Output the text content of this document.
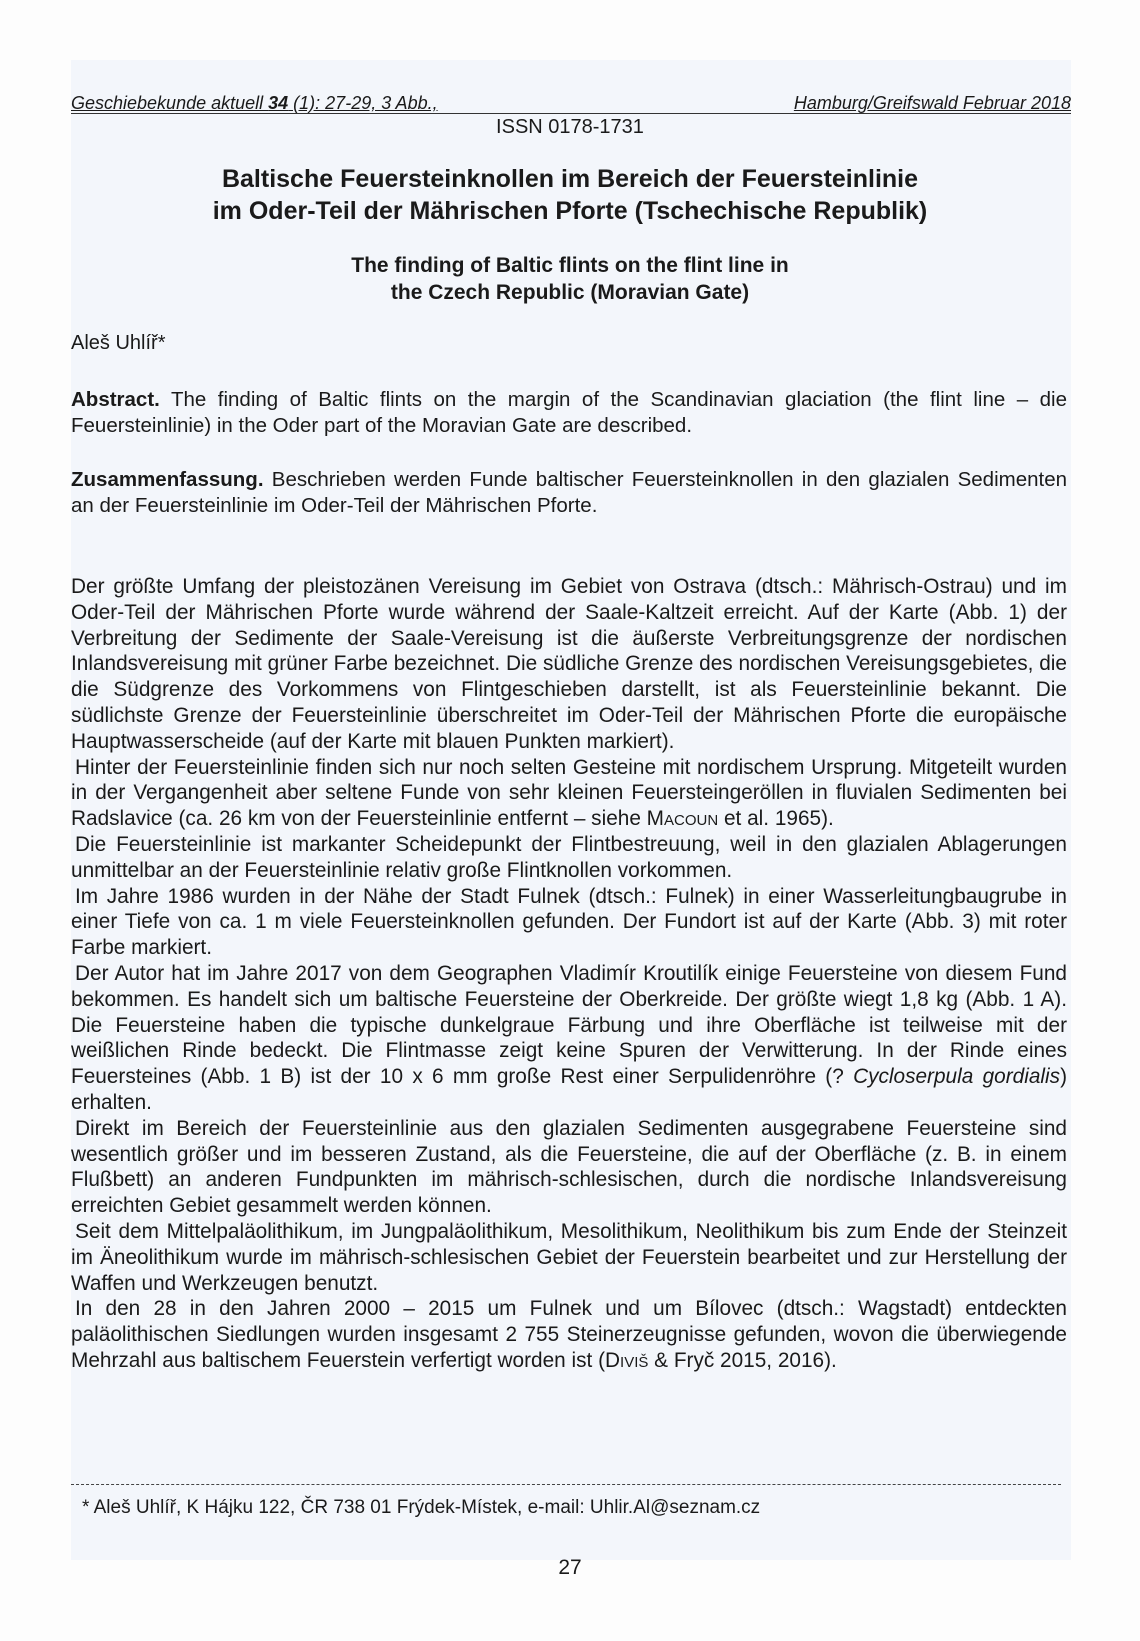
Geschiebekunde aktuell 34 (1): 27-29, 3 Abb.,	Hamburg/Greifswald Februar 2018
ISSN 0178-1731
Baltische Feuersteinknollen im Bereich der Feuersteinlinie
im Oder-Teil der Mährischen Pforte (Tschechische Republik)
The finding of Baltic flints on the flint line in
the Czech Republic (Moravian Gate)
Aleš Uhlíř*
Abstract. The finding of Baltic flints on the margin of the Scandinavian glaciation (the flint line – die Feuersteinlinie) in the Oder part of the Moravian Gate are described.
Zusammenfassung. Beschrieben werden Funde baltischer Feuersteinknollen in den glazialen Sedimenten an der Feuersteinlinie im Oder-Teil der Mährischen Pforte.

Der größte Umfang der pleistozänen Vereisung im Gebiet von Ostrava (dtsch.: Mährisch-Ostrau) und im Oder-Teil der Mährischen Pforte wurde während der Saale-Kaltzeit erreicht. Auf der Karte (Abb. 1) der Verbreitung der Sedimente der Saale-Vereisung ist die äußerste Verbreitungsgrenze der nordischen Inlandsvereisung mit grüner Farbe bezeichnet. Die südliche Grenze des nordischen Vereisungsgebietes, die die Südgrenze des Vorkommens von Flintgeschieben darstellt, ist als Feuersteinlinie bekannt. Die südlichste Grenze der Feuersteinlinie überschreitet im Oder-Teil der Mährischen Pforte die europäische Hauptwasserscheide (auf der Karte mit blauen Punkten markiert).

Hinter der Feuersteinlinie finden sich nur noch selten Gesteine mit nordischem Ursprung. Mitgeteilt wurden in der Vergangenheit aber seltene Funde von sehr kleinen Feuersteingeröllen in fluvialen Sedimenten bei Radslavice (ca. 26 km von der Feuersteinlinie entfernt – siehe Macoun et al. 1965).

Die Feuersteinlinie ist markanter Scheidepunkt der Flintbestreuung, weil in den glazialen Ablagerungen unmittelbar an der Feuersteinlinie relativ große Flintknollen vorkommen.

Im Jahre 1986 wurden in der Nähe der Stadt Fulnek (dtsch.: Fulnek) in einer Wasserleitungbaugrube in einer Tiefe von ca. 1 m viele Feuersteinknollen gefunden. Der Fundort ist auf der Karte (Abb. 3) mit roter Farbe markiert.

Der Autor hat im Jahre 2017 von dem Geographen Vladimír Kroutilík einige Feuersteine von diesem Fund bekommen. Es handelt sich um baltische Feuersteine der Oberkreide. Der größte wiegt 1,8 kg (Abb. 1 A). Die Feuersteine haben die typische dunkelgraue Färbung und ihre Oberfläche ist teilweise mit der weißlichen Rinde bedeckt. Die Flintmasse zeigt keine Spuren der Verwitterung. In der Rinde eines Feuersteines (Abb. 1 B) ist der 10 x 6 mm große Rest einer Serpulidenröhre (? Cycloserpula gordialis) erhalten.

Direkt im Bereich der Feuersteinlinie aus den glazialen Sedimenten ausgegrabene Feuersteine sind wesentlich größer und im besseren Zustand, als die Feuersteine, die auf der Oberfläche (z. B. in einem Flußbett) an anderen Fundpunkten im mährisch-schlesischen, durch die nordische Inlandsvereisung erreichten Gebiet gesammelt werden können.

Seit dem Mittelpaläolithikum, im Jungpaläolithikum, Mesolithikum, Neolithikum bis zum Ende der Steinzeit im Äneolithikum wurde im mährisch-schlesischen Gebiet der Feuerstein bearbeitet und zur Herstellung der Waffen und Werkzeugen benutzt.

In den 28 in den Jahren 2000 – 2015 um Fulnek und um Bílovec (dtsch.: Wagstadt) entdeckten paläolithischen Siedlungen wurden insgesamt 2 755 Steinerzeugnisse gefunden, wovon die überwiegende Mehrzahl aus baltischem Feuerstein verfertigt worden ist (Diviš & Fryč 2015, 2016).

* Aleš Uhlíř, K Hájku 122, ČR 738 01 Frýdek-Místek, e-mail: Uhlir.Al@seznam.cz
27
